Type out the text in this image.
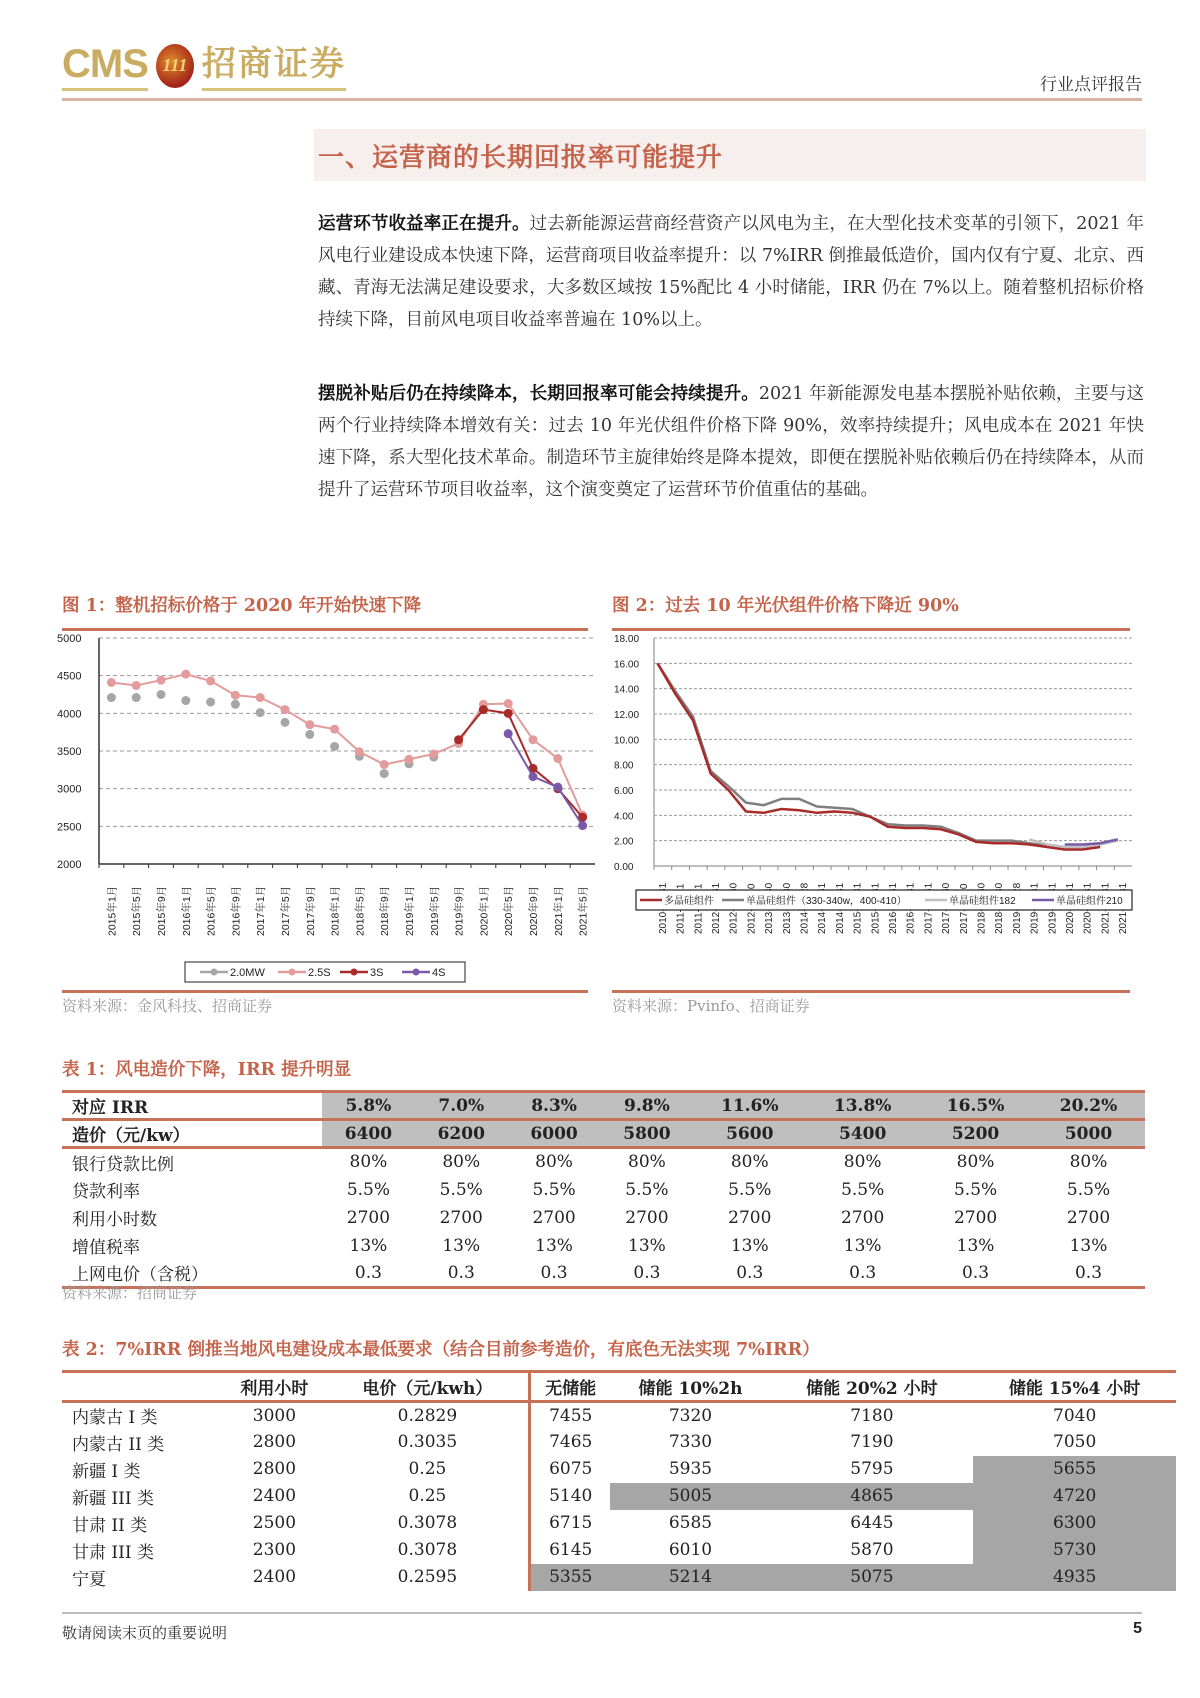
CMS 111 招商证券
行业点评报告
一、运营商的长期回报率可能提升
运营环节收益率正在提升。过去新能源运营商经营资产以风电为主，在大型化技术变革的引领下，2021 年风电行业建设成本快速下降，运营商项目收益率提升：以 7%IRR 倒推最低造价，国内仅有宁夏、北京、西藏、青海无法满足建设要求，大多数区域按 15%配比 4 小时储能，IRR 仍在 7%以上。随着整机招标价格持续下降，目前风电项目收益率普遍在 10%以上。
摆脱补贴后仍在持续降本，长期回报率可能会持续提升。2021 年新能源发电基本摆脱补贴依赖，主要与这两个行业持续降本增效有关：过去 10 年光伏组件价格下降 90%，效率持续提升；风电成本在 2021 年快速下降，系大型化技术革命。制造环节主旋律始终是降本提效，即便在摆脱补贴依赖后仍在持续降本，从而提升了运营环节项目收益率，这个演变奠定了运营环节价值重估的基础。
图 1：整机招标价格于 2020 年开始快速下降
5000
4500
4000
3500
3000
2500
2000
2015年1月 2015年5月 2015年9月 2016年1月 2016年5月 2016年9月 2017年1月 2017年5月 2017年9月 2018年1月 2018年5月 2018年9月 2019年1月 2019年5月 2019年9月 2020年1月 2020年5月 2020年9月 2021年1月 2021年5月
2.0MW	2.5S	3S	4S
资料来源：金风科技、招商证券
图 2：过去 10 年光伏组件价格下降近 90%
18.00
16.00
14.00
12.00
10.00
8.00
6.00
4.00
2.00
0.00
多晶硅组件	单晶硅组件（330-340w，400-410）	单晶硅组件182	单晶硅组件210
资料来源：Pvinfo、招商证券
表 1：风电造价下降，IRR 提升明显
对应 IRR	5.8%	7.0%	8.3%	9.8%	11.6%	13.8%	16.5%	20.2%
造价（元/kw）	6400	6200	6000	5800	5600	5400	5200	5000
银行贷款比例	80%	80%	80%	80%	80%	80%	80%	80%
贷款利率	5.5%	5.5%	5.5%	5.5%	5.5%	5.5%	5.5%	5.5%
利用小时数	2700	2700	2700	2700	2700	2700	2700	2700
增值税率	13%	13%	13%	13%	13%	13%	13%	13%
上网电价（含税）	0.3	0.3	0.3	0.3	0.3	0.3	0.3	0.3
资料来源：招商证券
表 2：7%IRR 倒推当地风电建设成本最低要求（结合目前参考造价，有底色无法实现 7%IRR）
	利用小时	电价（元/kwh）	无储能	储能 10%2h	储能 20%2 小时	储能 15%4 小时
内蒙古 I 类	3000	0.2829	7455	7320	7180	7040
内蒙古 II 类	2800	0.3035	7465	7330	7190	7050
新疆 I 类	2800	0.25	6075	5935	5795	5655
新疆 III 类	2400	0.25	5140	5005	4865	4720
甘肃 II 类	2500	0.3078	6715	6585	6445	6300
甘肃 III 类	2300	0.3078	6145	6010	5870	5730
宁夏	2400	0.2595	5355	5214	5075	4935
敬请阅读末页的重要说明	5
